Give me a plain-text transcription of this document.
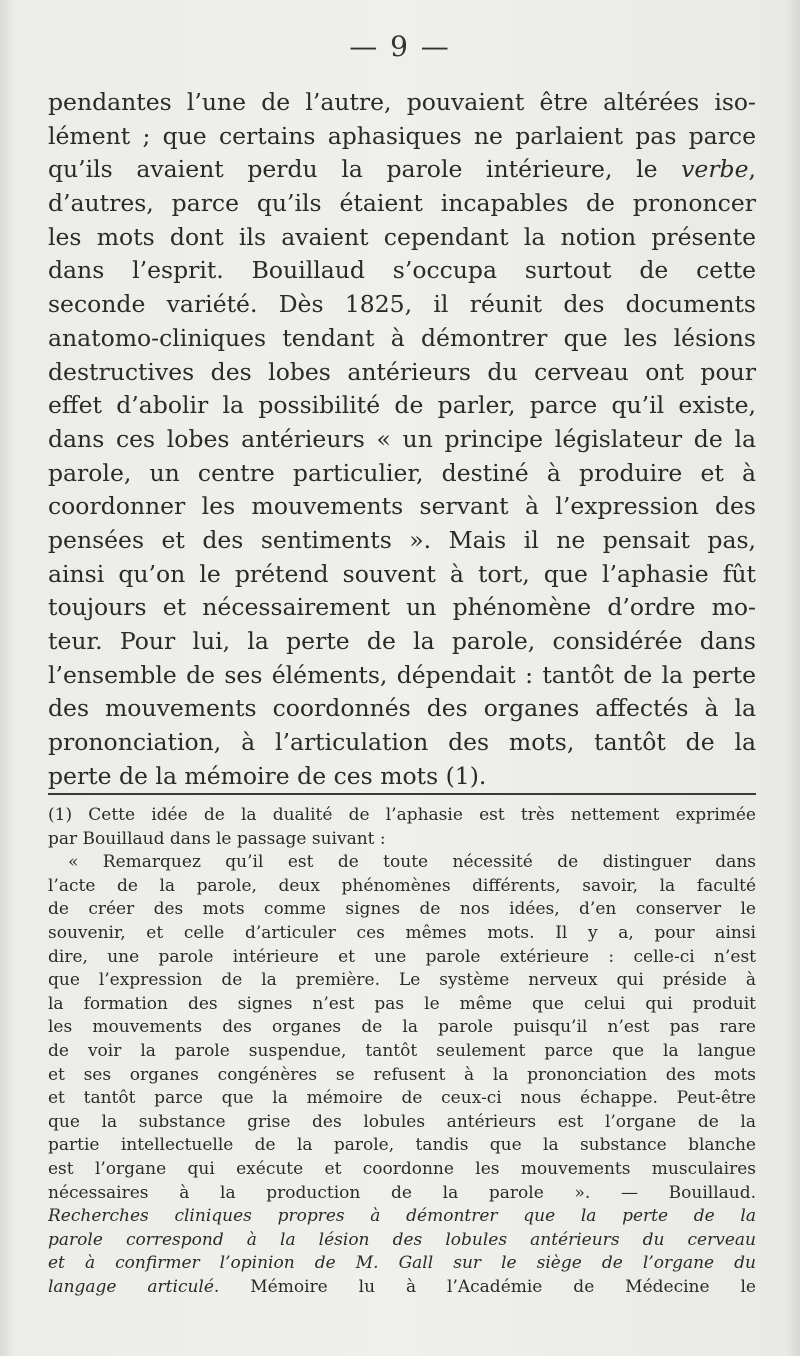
— 9 —
pendantes l’une de l’autre, pouvaient être altérées iso-
lément ; que certains aphasiques ne parlaient pas parce
qu’ils avaient perdu la parole intérieure, le verbe,
d’autres, parce qu’ils étaient incapables de prononcer
les mots dont ils avaient cependant la notion présente
dans l’esprit. Bouillaud s’occupa surtout de cette
seconde variété. Dès 1825, il réunit des documents
anatomo-cliniques tendant à démontrer que les lésions
destructives des lobes antérieurs du cerveau ont pour
effet d’abolir la possibilité de parler, parce qu’il existe,
dans ces lobes antérieurs « un principe législateur de la
parole, un centre particulier, destiné à produire et à
coordonner les mouvements servant à l’expression des
pensées et des sentiments ». Mais il ne pensait pas,
ainsi qu’on le prétend souvent à tort, que l’aphasie fût
toujours et nécessairement un phénomène d’ordre mo-
teur. Pour lui, la perte de la parole, considérée dans
l’ensemble de ses éléments, dépendait : tantôt de la perte
des mouvements coordonnés des organes affectés à la
prononciation, à l’articulation des mots, tantôt de la
perte de la mémoire de ces mots (1).
(1) Cette idée de la dualité de l’aphasie est très nettement exprimée
par Bouillaud dans le passage suivant :
« Remarquez qu’il est de toute nécessité de distinguer dans
l’acte de la parole, deux phénomènes différents, savoir, la faculté
de créer des mots comme signes de nos idées, d’en conserver le
souvenir, et celle d’articuler ces mêmes mots. Il y a, pour ainsi
dire, une parole intérieure et une parole extérieure : celle-ci n’est
que l’expression de la première. Le système nerveux qui préside à
la formation des signes n’est pas le même que celui qui produit
les mouvements des organes de la parole puisqu’il n’est pas rare
de voir la parole suspendue, tantôt seulement parce que la langue
et ses organes congénères se refusent à la prononciation des mots
et tantôt parce que la mémoire de ceux-ci nous échappe. Peut-être
que la substance grise des lobules antérieurs est l’organe de la
partie intellectuelle de la parole, tandis que la substance blanche
est l’organe qui exécute et coordonne les mouvements musculaires
nécessaires à la production de la parole ». — Bouillaud.
Recherches cliniques propres à démontrer que la perte de la
parole correspond à la lésion des lobules antérieurs du cerveau
et à confirmer l’opinion de M. Gall sur le siège de l’organe du
langage articulé. Mémoire lu à l’Académie de Médecine le
